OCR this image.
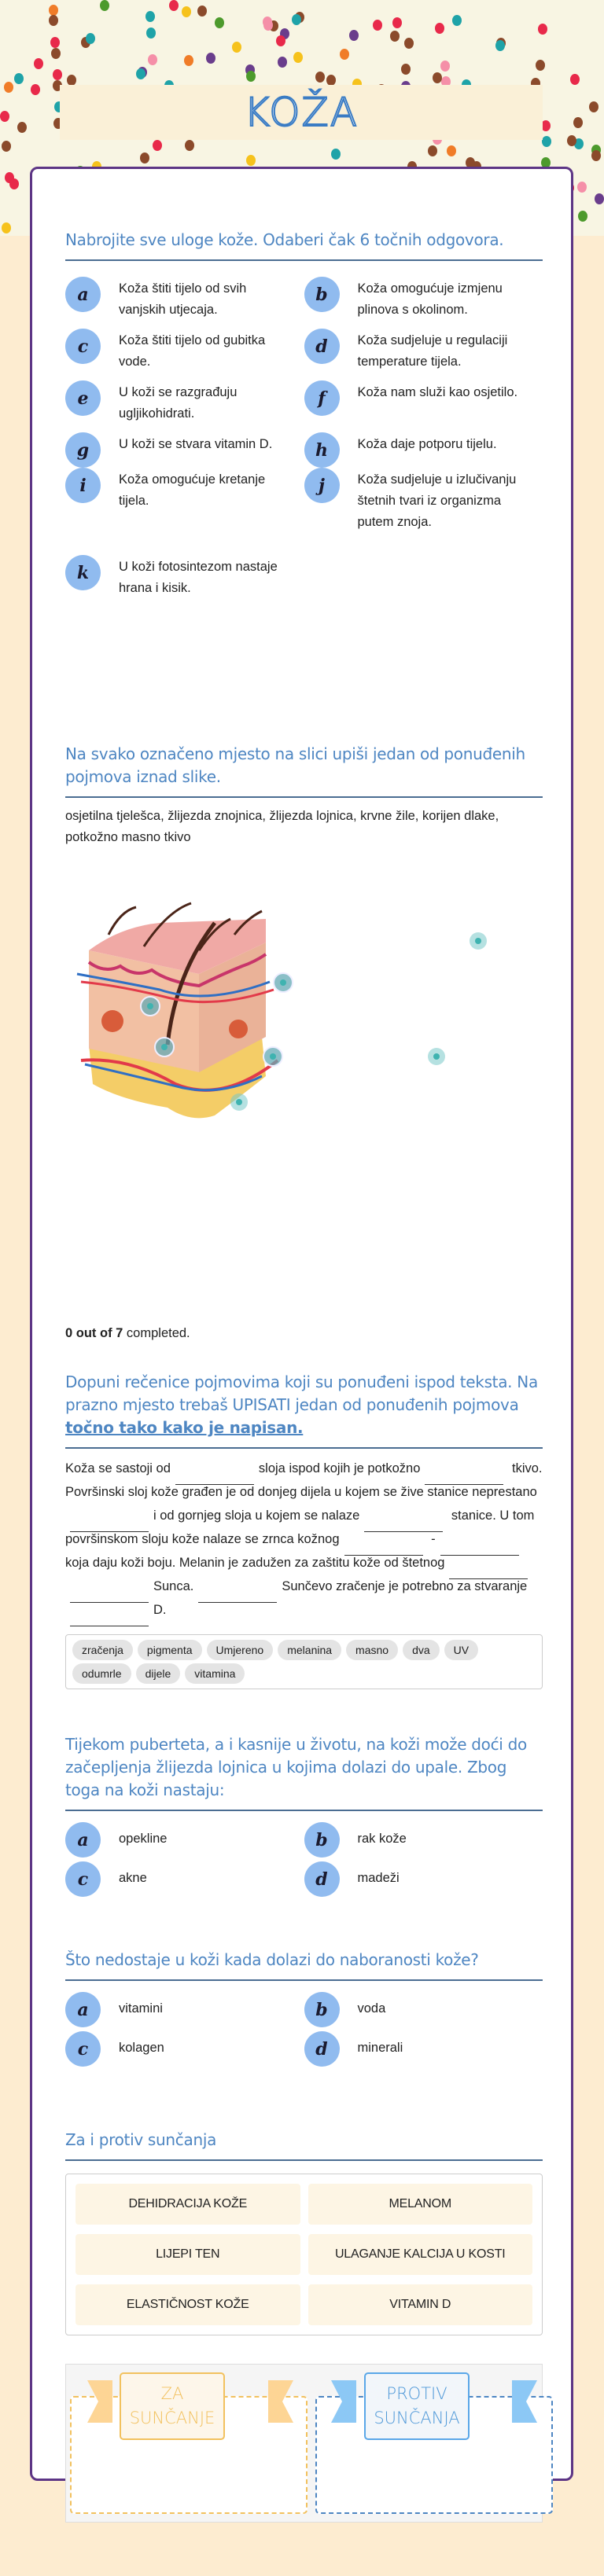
KOŽA
Nabrojite sve uloge kože. Odaberi čak 6 točnih odgovora.
a	Koža štiti tijelo od svih vanjskih utjecaja.
b	Koža omogućuje izmjenu plinova s okolinom.
c	Koža štiti tijelo od gubitka vode.
d	Koža sudjeluje u regulaciji temperature tijela.
e	U koži se razgrađuju ugljikohidrati.
f	Koža nam služi kao osjetilo.
g	U koži se stvara vitamin D.	h	Koža daje potporu tijelu.
i	Koža omogućuje kretanje tijela.
j	Koža sudjeluje u izlučivanju štetnih tvari iz organizma putem znoja.
k	U koži fotosintezom nastaje hrana i kisik.
Na svako označeno mjesto na slici upiši jedan od ponuđenih pojmova iznad slike.
osjetilna tjelešca, žlijezda znojnica, žlijezda lojnica, krvne žile, korijen dlake, potkožno masno tkivo
0 out of 7 completed.
Dopuni rečenice pojmovima koji su ponuđeni ispod teksta. Na prazno mjesto trebaš UPISATI jedan od ponuđenih pojmova točno tako kako je napisan.
Koža se sastoji od	sloja ispod kojih je potkožno	tkivo. Površinski sloj kože građen je od donjeg dijela u kojem se žive stanice neprestanoi od gornjeg sloja u kojem se nalaze	stanice. U tom površinskom sloju kože nalaze se zrnca kožnog	-koja daju koži boju. Melanin je zadužen za zaštitu kože od štetnogSunca.	Sunčevo zračenje je potrebno za stvaranjeD.
zračenja	pigmenta	Umjereno	melanina	masno	dva	UV
odumrle	dijele	vitamina
Tijekom puberteta, a i kasnije u životu, na koži može doći do začepljenja žlijezda lojnica u kojima dolazi do upale. Zbog toga na koži nastaju:
a	opekline	b	rak kože
c	akne	d	madeži
Što nedostaje u koži kada dolazi do naboranosti kože?
a	vitamini	b	voda
c	kolagen	d	minerali
Za i protiv sunčanja
DEHIDRACIJA KOŽE	MELANOM
LIJEPI TEN	ULAGANJE KALCIJA U KOSTI
ELASTIČNOST KOŽE	VITAMIN D
ZA
SUNČANJE
PROTIV
SUNČANJA
